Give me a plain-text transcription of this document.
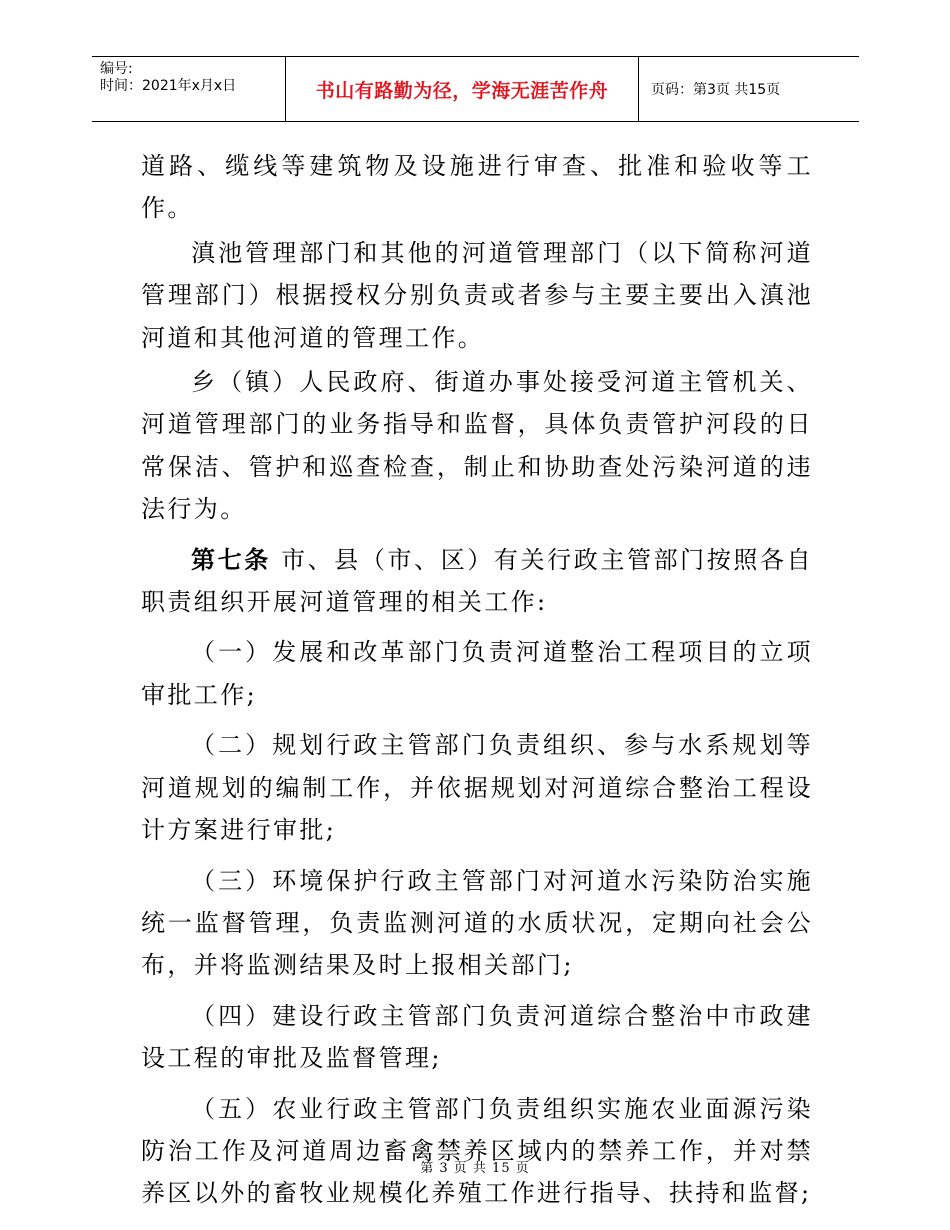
编号:
时间：2021年x月x日	书山有路勤为径，学海无涯苦作舟	页码：第3页 共15页

道路、缆线等建筑物及设施进行审查、批准和验收等工作。

滇池管理部门和其他的河道管理部门（以下简称河道管理部门）根据授权分别负责或者参与主要主要出入滇池河道和其他河道的管理工作。

乡（镇）人民政府、街道办事处接受河道主管机关、河道管理部门的业务指导和监督，具体负责管护河段的日常保洁、管护和巡查检查，制止和协助查处污染河道的违法行为。

第七条 市、县（市、区）有关行政主管部门按照各自职责组织开展河道管理的相关工作:

（一）发展和改革部门负责河道整治工程项目的立项审批工作;

（二）规划行政主管部门负责组织、参与水系规划等河道规划的编制工作，并依据规划对河道综合整治工程设计方案进行审批;

（三）环境保护行政主管部门对河道水污染防治实施统一监督管理，负责监测河道的水质状况，定期向社会公布，并将监测结果及时上报相关部门;

（四）建设行政主管部门负责河道综合整治中市政建设工程的审批及监督管理;

（五）农业行政主管部门负责组织实施农业面源污染防治工作及河道周边畜禽禁养区域内的禁养工作，并对禁养区以外的畜牧业规模化养殖工作进行指导、扶持和监督;

第 3 页 共 15 页
